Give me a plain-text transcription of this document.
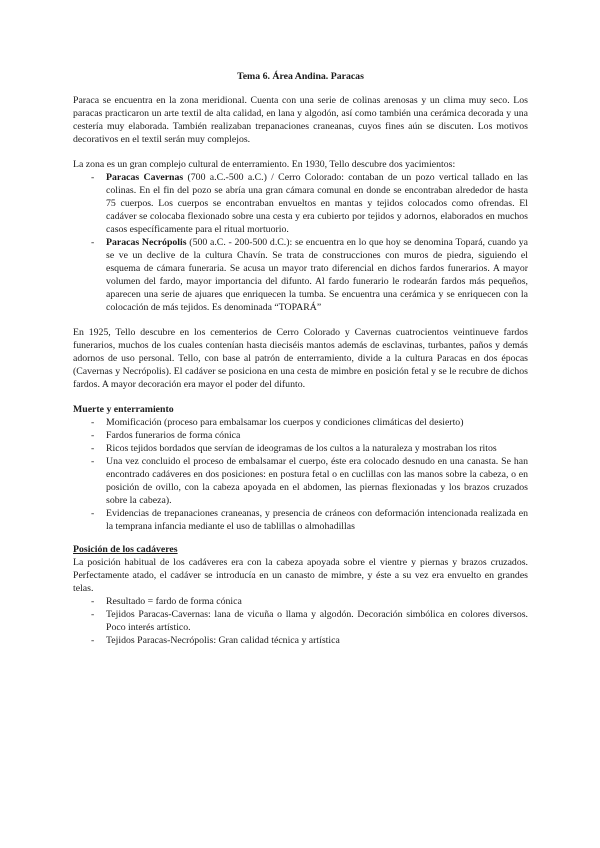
Tema 6. Área Andina. Paracas

Paraca se encuentra en la zona meridional. Cuenta con una serie de colinas arenosas y un clima muy seco. Los paracas practicaron un arte textil de alta calidad, en lana y algodón, así como también una cerámica decorada y una cestería muy elaborada. También realizaban trepanaciones craneanas, cuyos fines aún se discuten. Los motivos decorativos en el textil serán muy complejos.

La zona es un gran complejo cultural de enterramiento. En 1930, Tello descubre dos yacimientos:

- Paracas Cavernas (700 a.C.-500 a.C.) / Cerro Colorado: contaban de un pozo vertical tallado en las colinas. En el fin del pozo se abría una gran cámara comunal en donde se encontraban alrededor de hasta 75 cuerpos. Los cuerpos se encontraban envueltos en mantas y tejidos colocados como ofrendas. El cadáver se colocaba flexionado sobre una cesta y era cubierto por tejidos y adornos, elaborados en muchos casos específicamente para el ritual mortuorio.
- Paracas Necrópolis (500 a.C. - 200-500 d.C.): se encuentra en lo que hoy se denomina Topará, cuando ya se ve un declive de la cultura Chavín. Se trata de construcciones con muros de piedra, siguiendo el esquema de cámara funeraria. Se acusa un mayor trato diferencial en dichos fardos funerarios. A mayor volumen del fardo, mayor importancia del difunto. Al fardo funerario le rodearán fardos más pequeños, aparecen una serie de ajuares que enriquecen la tumba. Se encuentra una cerámica y se enriquecen con la colocación de más tejidos. Es denominada “TOPARÁ”

En 1925, Tello descubre en los cementerios de Cerro Colorado y Cavernas cuatrocientos veintinueve fardos funerarios, muchos de los cuales contenían hasta dieciséis mantos además de esclavinas, turbantes, paños y demás adornos de uso personal. Tello, con base al patrón de enterramiento, divide a la cultura Paracas en dos épocas (Cavernas y Necrópolis). El cadáver se posiciona en una cesta de mimbre en posición fetal y se le recubre de dichos fardos. A mayor decoración era mayor el poder del difunto.

Muerte y enterramiento

- Momificación (proceso para embalsamar los cuerpos y condiciones climáticas del desierto)
- Fardos funerarios de forma cónica
- Ricos tejidos bordados que servían de ideogramas de los cultos a la naturaleza y mostraban los ritos
- Una vez concluido el proceso de embalsamar el cuerpo, éste era colocado desnudo en una canasta. Se han encontrado cadáveres en dos posiciones: en postura fetal o en cuclillas con las manos sobre la cabeza, o en posición de ovillo, con la cabeza apoyada en el abdomen, las piernas flexionadas y los brazos cruzados sobre la cabeza).
- Evidencias de trepanaciones craneanas, y presencia de cráneos con deformación intencionada realizada en la temprana infancia mediante el uso de tablillas o almohadillas

Posición de los cadáveres

La posición habitual de los cadáveres era con la cabeza apoyada sobre el vientre y piernas y brazos cruzados. Perfectamente atado, el cadáver se introducía en un canasto de mimbre, y éste a su vez era envuelto en grandes telas.

- Resultado = fardo de forma cónica
- Tejidos Paracas-Cavernas: lana de vicuña o llama y algodón. Decoración simbólica en colores diversos. Poco interés artístico.
- Tejidos Paracas-Necrópolis: Gran calidad técnica y artística
